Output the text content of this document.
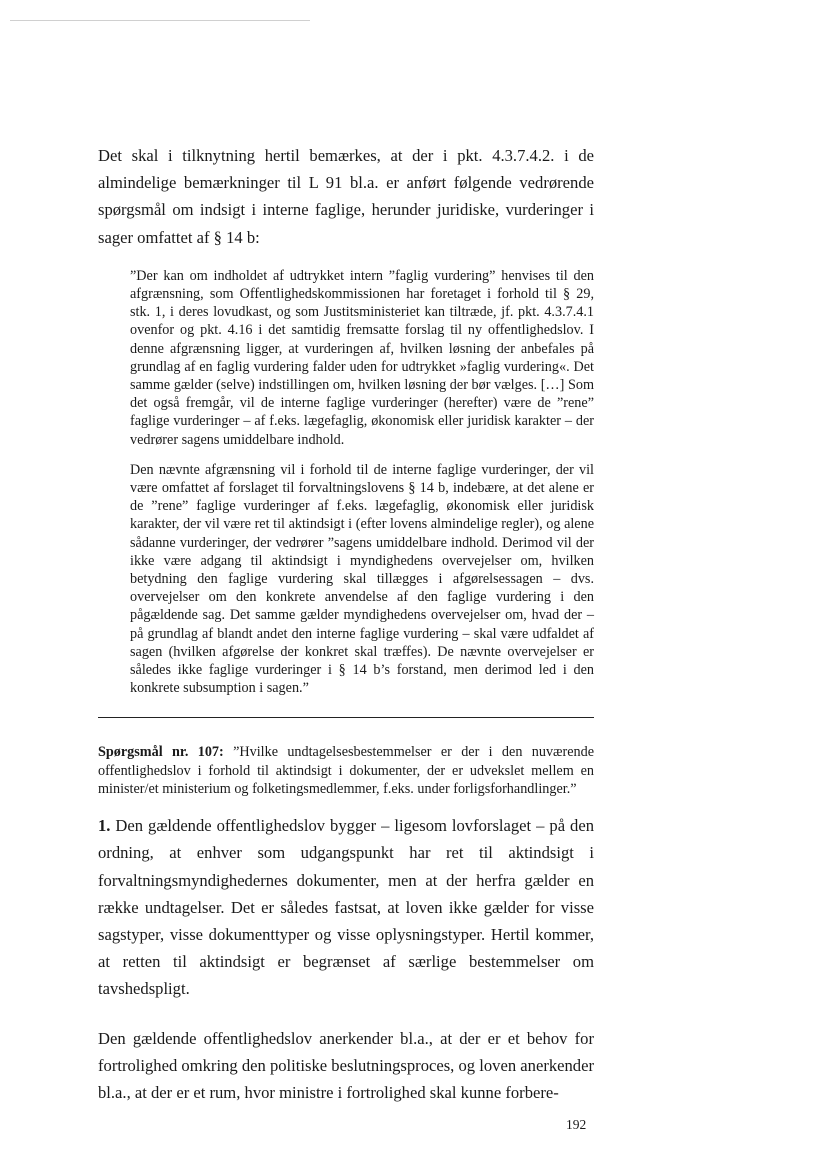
Det skal i tilknytning hertil bemærkes, at der i pkt. 4.3.7.4.2. i de almindelige bemærkninger til L 91 bl.a. er anført følgende vedrørende spørgsmål om indsigt i interne faglige, herunder juridiske, vurderinger i sager omfattet af § 14 b:

”Der kan om indholdet af udtrykket intern ”faglig vurdering” henvises til den afgrænsning, som Offentlighedskommissionen har foretaget i forhold til § 29, stk. 1, i deres lovudkast, og som Justitsministeriet kan tiltræde, jf. pkt. 4.3.7.4.1 ovenfor og pkt. 4.16 i det samtidig fremsatte forslag til ny offentlighedslov. I denne afgrænsning ligger, at vurderingen af, hvilken løsning der anbefales på grundlag af en faglig vurdering falder uden for udtrykket »faglig vurdering«. Det samme gælder (selve) indstillingen om, hvilken løsning der bør vælges. […] Som det også fremgår, vil de interne faglige vurderinger (herefter) være de ”rene” faglige vurderinger – af f.eks. lægefaglig, økonomisk eller juridisk karakter – der vedrører sagens umiddelbare indhold.

Den nævnte afgrænsning vil i forhold til de interne faglige vurderinger, der vil være omfattet af forslaget til forvaltningslovens § 14 b, indebære, at det alene er de ”rene” faglige vurderinger af f.eks. lægefaglig, økonomisk eller juridisk karakter, der vil være ret til aktindsigt i (efter lovens almindelige regler), og alene sådanne vurderinger, der vedrører ”sagens umiddelbare indhold. Derimod vil der ikke være adgang til aktindsigt i myndighedens overvejelser om, hvilken betydning den faglige vurdering skal tillægges i afgørelsessagen – dvs. overvejelser om den konkrete anvendelse af den faglige vurdering i den pågældende sag. Det samme gælder myndighedens overvejelser om, hvad der – på grundlag af blandt andet den interne faglige vurdering – skal være udfaldet af sagen (hvilken afgørelse der konkret skal træffes). De nævnte overvejelser er således ikke faglige vurderinger i § 14 b’s forstand, men derimod led i den konkrete subsumption i sagen.”

Spørgsmål nr. 107: ”Hvilke undtagelsesbestemmelser er der i den nuværende offentlighedslov i forhold til aktindsigt i dokumenter, der er udvekslet mellem en minister/et ministerium og folketingsmedlemmer, f.eks. under forligsforhandlinger.”

1. Den gældende offentlighedslov bygger – ligesom lovforslaget – på den ordning, at enhver som udgangspunkt har ret til aktindsigt i forvaltningsmyndighedernes dokumenter, men at der herfra gælder en række undtagelser. Det er således fastsat, at loven ikke gælder for visse sagstyper, visse dokumenttyper og visse oplysningstyper. Hertil kommer, at retten til aktindsigt er begrænset af særlige bestemmelser om tavshedspligt.

Den gældende offentlighedslov anerkender bl.a., at der er et behov for fortrolighed omkring den politiske beslutningsproces, og loven anerkender bl.a., at der er et rum, hvor ministre i fortrolighed skal kunne forbere-

192
